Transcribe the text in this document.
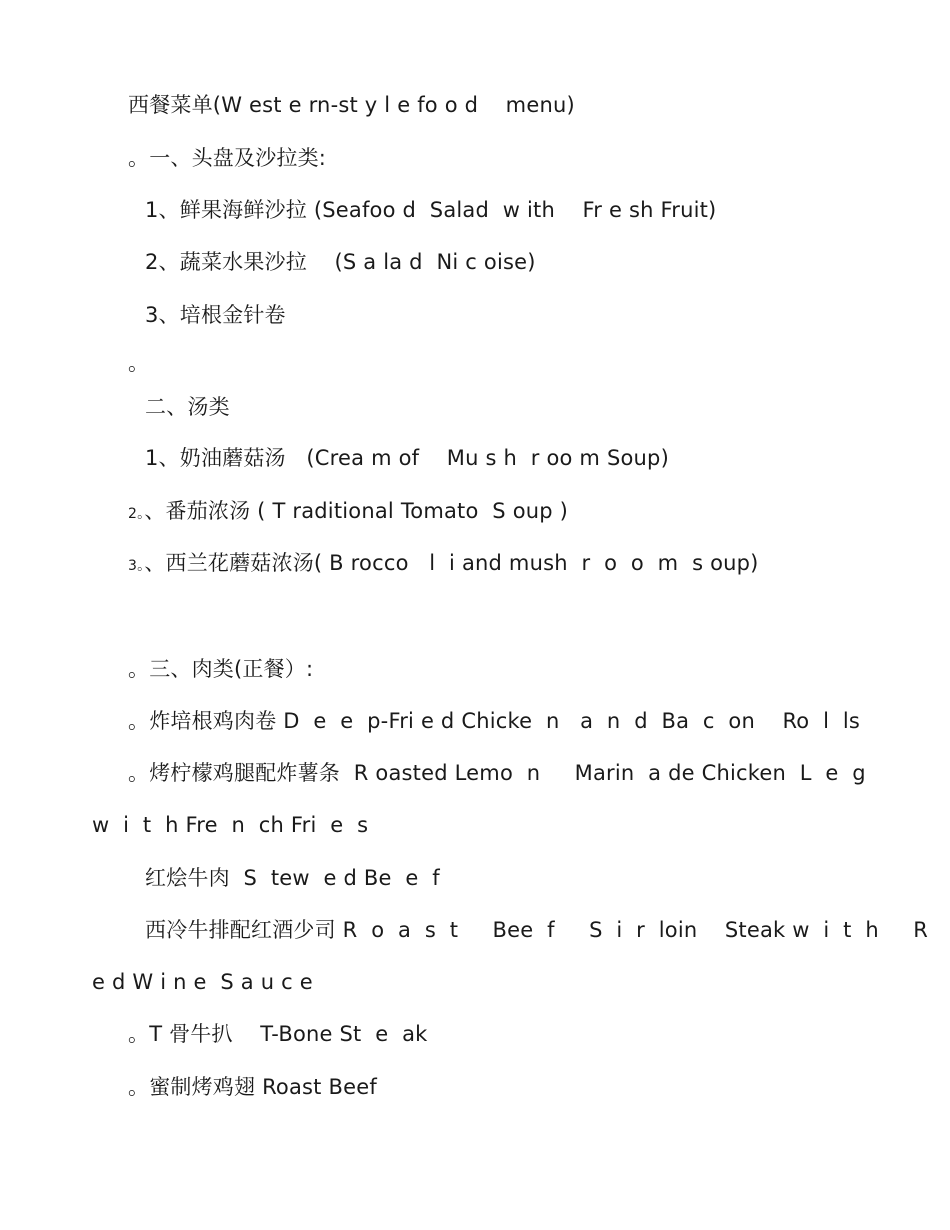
西餐菜单(W est e rn-st y l e fo o d    menu)
。一、头盘及沙拉类:
1、鲜果海鲜沙拉 (Seafoo d  Salad  w ith    Fr e sh Fruit)
2、蔬菜水果沙拉    (S a la d  Ni c oise)
3、培根金针卷
。
二、汤类
1、奶油蘑菇汤   (Crea m of    Mu s h  r oo m Soup)
2。、番茄浓汤 ( T raditional Tomato  S oup )
3。、西兰花蘑菇浓汤( B rocco   l  i and mush  r  o  o  m  s oup)
。三、肉类(正餐）:
。炸培根鸡肉卷 D  e  e  p-Fri e d Chicke  n   a  n  d  Ba  c  on    Ro  l  ls
。烤柠檬鸡腿配炸薯条  R oasted Lemo  n     Marin  a de Chicken  L  e  g
w  i  t  h Fre  n  ch Fri  e  s
红烩牛肉  S  tew  e d Be  e  f
西冷牛排配红酒少司 R  o  a  s  t     Bee  f     S  i  r  loin    Steak w  i  t  h     R
e d W i n e  S a u c e
。T 骨牛扒    T-Bone St  e  ak
。蜜制烤鸡翅 Roast Beef
